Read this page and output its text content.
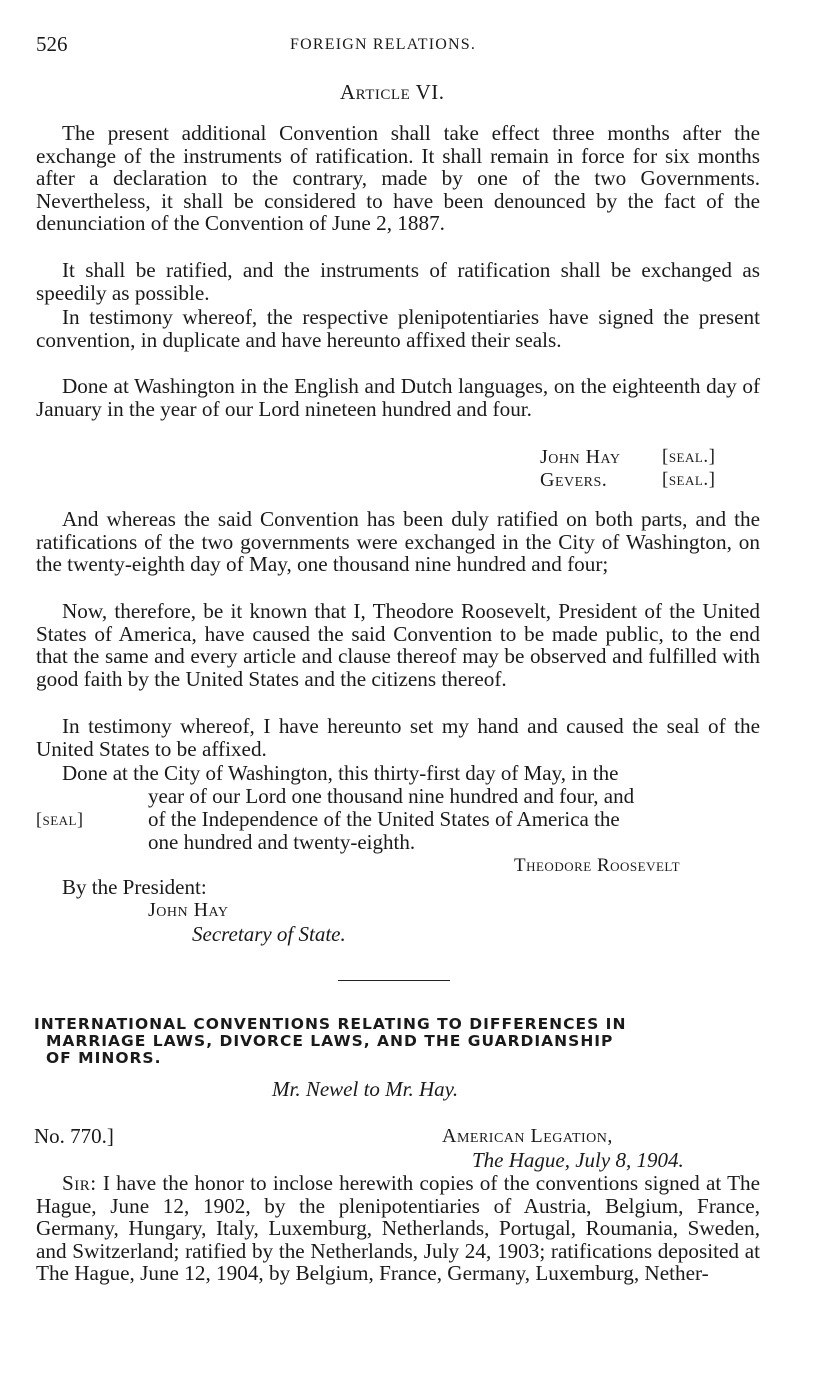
526	FOREIGN RELATIONS.
Article VI.
The present additional Convention shall take effect three months after the exchange of the instruments of ratification. It shall remain in force for six months after a declaration to the contrary, made by one of the two Governments. Nevertheless, it shall be considered to have been denounced by the fact of the denunciation of the Convention of June 2, 1887.
It shall be ratified, and the instruments of ratification shall be exchanged as speedily as possible.
In testimony whereof, the respective plenipotentiaries have signed the present convention, in duplicate and have hereunto affixed their seals.
Done at Washington in the English and Dutch languages, on the eighteenth day of January in the year of our Lord nineteen hundred and four.
John Hay [seal.]
Gevers.	[seal.]
And whereas the said Convention has been duly ratified on both parts, and the ratifications of the two governments were exchanged in the City of Washington, on the twenty-eighth day of May, one thousand nine hundred and four;
Now, therefore, be it known that I, Theodore Roosevelt, President of the United States of America, have caused the said Convention to be made public, to the end that the same and every article and clause thereof may be observed and fulfilled with good faith by the United States and the citizens thereof.
In testimony whereof, I have hereunto set my hand and caused the seal of the United States to be affixed.
Done at the City of Washington, this thirty-first day of May, in the
year of our Lord one thousand nine hundred and four, and
[seal]	of the Independence of the United States of America the
one hundred and twenty-eighth.
Theodore Roosevelt
By the President:
John Hay
Secretary of State.
INTERNATIONAL CONVENTIONS RELATING TO DIFFERENCES IN
MARRIAGE LAWS, DIVORCE LAWS, AND THE GUARDIANSHIP
OF MINORS.
Mr. Newel to Mr. Hay.
No. 770.]	American Legation,
The Hague, July 8, 1904.
Sir: I have the honor to inclose herewith copies of the conventions signed at The Hague, June 12, 1902, by the plenipotentiaries of Austria, Belgium, France, Germany, Hungary, Italy, Luxemburg, Netherlands, Portugal, Roumania, Sweden, and Switzerland; ratified by the Netherlands, July 24, 1903; ratifications deposited at The Hague, June 12, 1904, by Belgium, France, Germany, Luxemburg, Nether-
